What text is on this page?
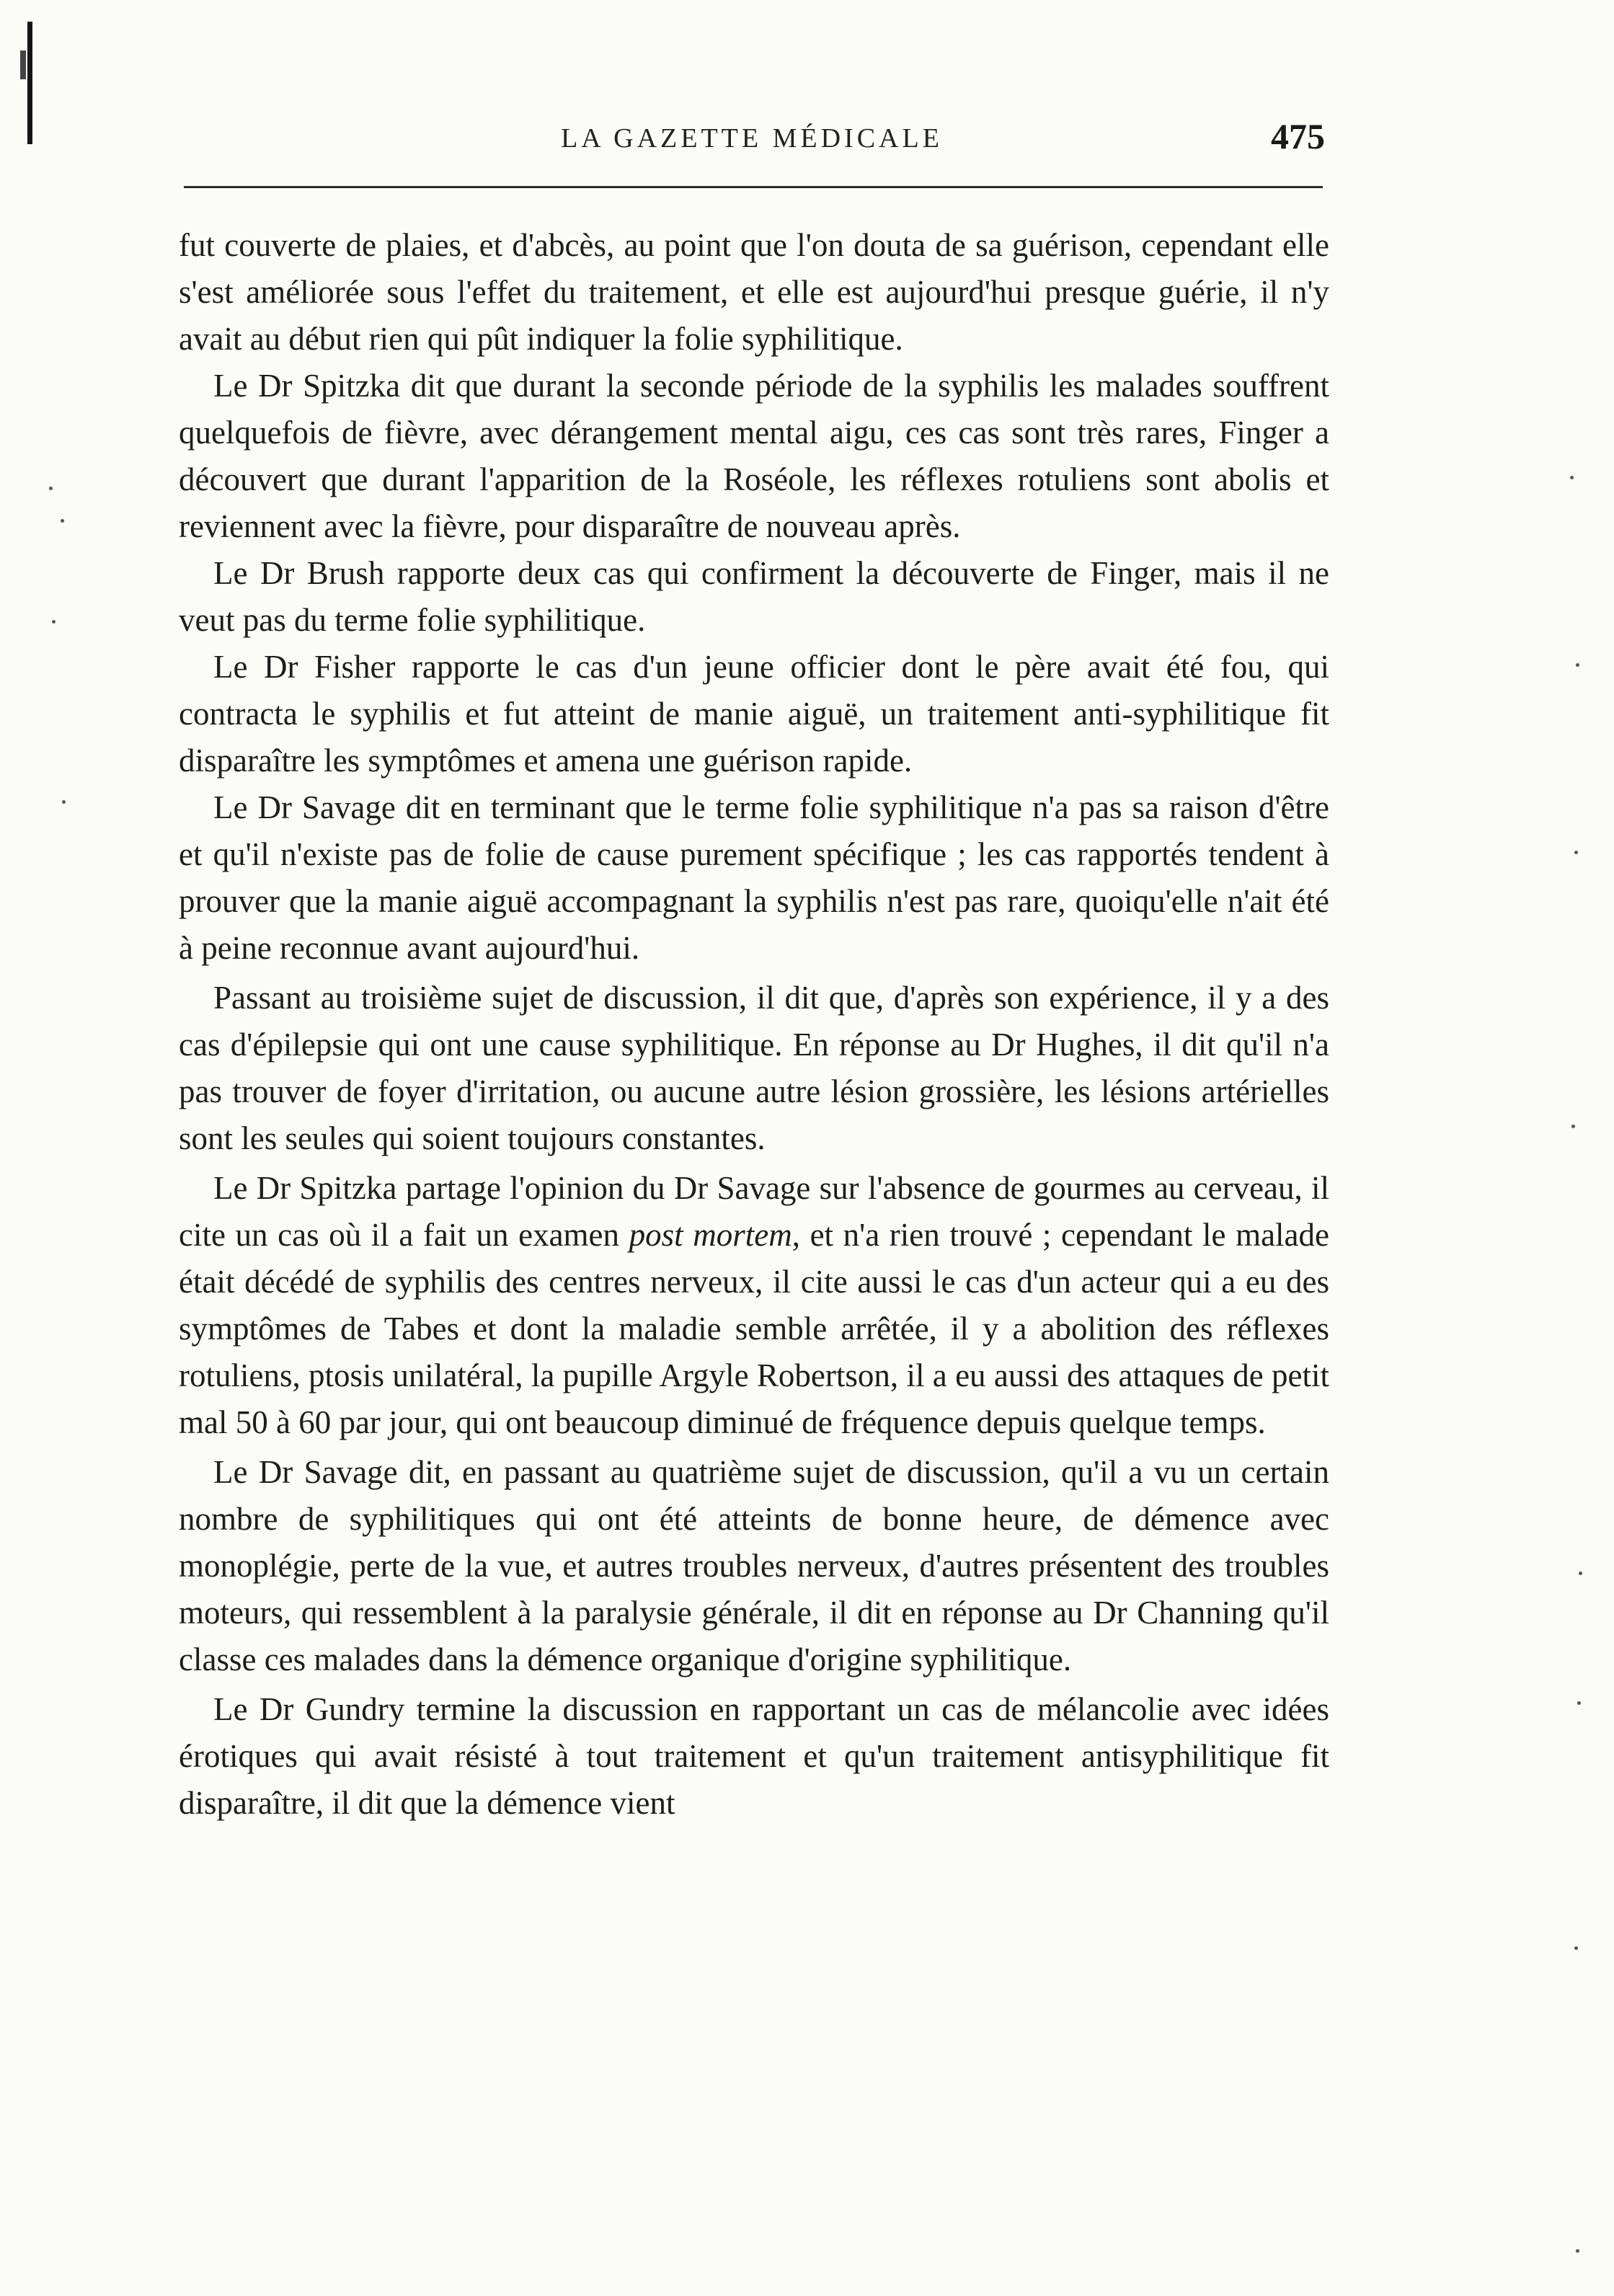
LA GAZETTE MÉDICALE	475

fut couverte de plaies, et d'abcès, au point que l'on douta de sa guérison, cependant elle s'est améliorée sous l'effet du traitement, et elle est aujourd'hui presque guérie, il n'y avait au début rien qui pût indiquer la folie syphilitique.

Le Dr Spitzka dit que durant la seconde période de la syphilis les malades souffrent quelquefois de fièvre, avec dérangement mental aigu, ces cas sont très rares, Finger a découvert que durant l'apparition de la Roséole, les réflexes rotuliens sont abolis et reviennent avec la fièvre, pour disparaître de nouveau après.

Le Dr Brush rapporte deux cas qui confirment la découverte de Finger, mais il ne veut pas du terme folie syphilitique.

Le Dr Fisher rapporte le cas d'un jeune officier dont le père avait été fou, qui contracta le syphilis et fut atteint de manie aiguë, un traitement anti-syphilitique fit disparaître les symptômes et amena une guérison rapide.

Le Dr Savage dit en terminant que le terme folie syphilitique n'a pas sa raison d'être et qu'il n'existe pas de folie de cause purement spécifique ; les cas rapportés tendent à prouver que la manie aiguë accompagnant la syphilis n'est pas rare, quoiqu'elle n'ait été à peine reconnue avant aujourd'hui.

Passant au troisième sujet de discussion, il dit que, d'après son expérience, il y a des cas d'épilepsie qui ont une cause syphilitique. En réponse au Dr Hughes, il dit qu'il n'a pas trouver de foyer d'irritation, ou aucune autre lésion grossière, les lésions artérielles sont les seules qui soient toujours constantes.

Le Dr Spitzka partage l'opinion du Dr Savage sur l'absence de gourmes au cerveau, il cite un cas où il a fait un examen post mortem, et n'a rien trouvé ; cependant le malade était décédé de syphilis des centres nerveux, il cite aussi le cas d'un acteur qui a eu des symptômes de Tabes et dont la maladie semble arrêtée, il y a abolition des réflexes rotuliens, ptosis unilatéral, la pupille Argyle Robertson, il a eu aussi des attaques de petit mal 50 à 60 par jour, qui ont beaucoup diminué de fréquence depuis quelque temps.

Le Dr Savage dit, en passant au quatrième sujet de discussion, qu'il a vu un certain nombre de syphilitiques qui ont été atteints de bonne heure, de démence avec monoplégie, perte de la vue, et autres troubles nerveux, d'autres présentent des troubles moteurs, qui ressemblent à la paralysie générale, il dit en réponse au Dr Channing qu'il classe ces malades dans la démence organique d'origine syphilitique.

Le Dr Gundry termine la discussion en rapportant un cas de mélancolie avec idées érotiques qui avait résisté à tout traitement et qu'un traitement antisyphilitique fit disparaître, il dit que la démence vient
